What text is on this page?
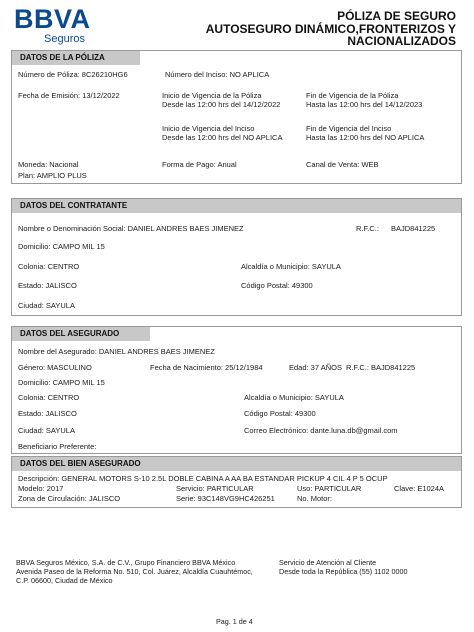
BBVA
Seguros
PÓLIZA DE SEGURO
AUTOSEGURO DINÁMICO,FRONTERIZOS Y
NACIONALIZADOS
DATOS DE LA PÓLIZA
Número de Póliza: 8C26210HG6	Número del Inciso: NO APLICA
Fecha de Emisión: 13/12/2022	Inicio de Vigencia de la Póliza
Desde las 12:00 hrs del 14/12/2022
Fin de Vigencia de la Póliza
Hasta las 12:00 hrs del 14/12/2023
Inicio de Vigencia del Inciso
Desde las 12:00 hrs del NO APLICA
Fin de Vigencia del Inciso
Hasta las 12:00 hrs del NO APLICA
Moneda: Nacional	Forma de Pago: Anual	Canal de Venta: WEB
Plan: AMPLIO PLUS
DATOS DEL CONTRATANTE
Nombre o Denominación Social: DANIEL ANDRES BAES JIMENEZ	R.F.C.: BAJD841225
Domicilio: CAMPO MIL 15
Colonia: CENTRO	Alcaldía o Municipio: SAYULA
Estado: JALISCO	Código Postal: 49300
Ciudad: SAYULA
DATOS DEL ASEGURADO
Nombre del Asegurado: DANIEL ANDRES BAES JIMENEZ
Género: MASCULINO	Fecha de Nacimiento: 25/12/1984	Edad: 37 AÑOS R.F.C.: BAJD841225
Domicilio: CAMPO MIL 15
Colonia: CENTRO	Alcaldía o Municipio: SAYULA
Estado: JALISCO	Código Postal: 49300
Ciudad: SAYULA	Correo Electrónico: dante.luna.db@gmail.com
Beneficiario Preferente:
DATOS DEL BIEN ASEGURADO
Descripción: GENERAL MOTORS S-10 2.5L DOBLE CABINA A AA BA ESTANDAR PICKUP 4 CIL 4 P 5 OCUP
Modelo: 2017	Servicio: PARTICULAR	Uso: PARTICULAR	Clave: E1024A
Zona de Circulación: JALISCO	Serie: 93C148VG9HC426251	No. Motor:
BBVA Seguros México, S.A. de C.V., Grupo Financiero BBVA México
Avenida Paseo de la Reforma No. 510, Col. Juárez, Alcaldía Cuauhtémoc,
C.P. 06600, Ciudad de México
Servicio de Atención al Cliente
Desde toda la República (55) 1102 0000
Pag. 1 de 4
